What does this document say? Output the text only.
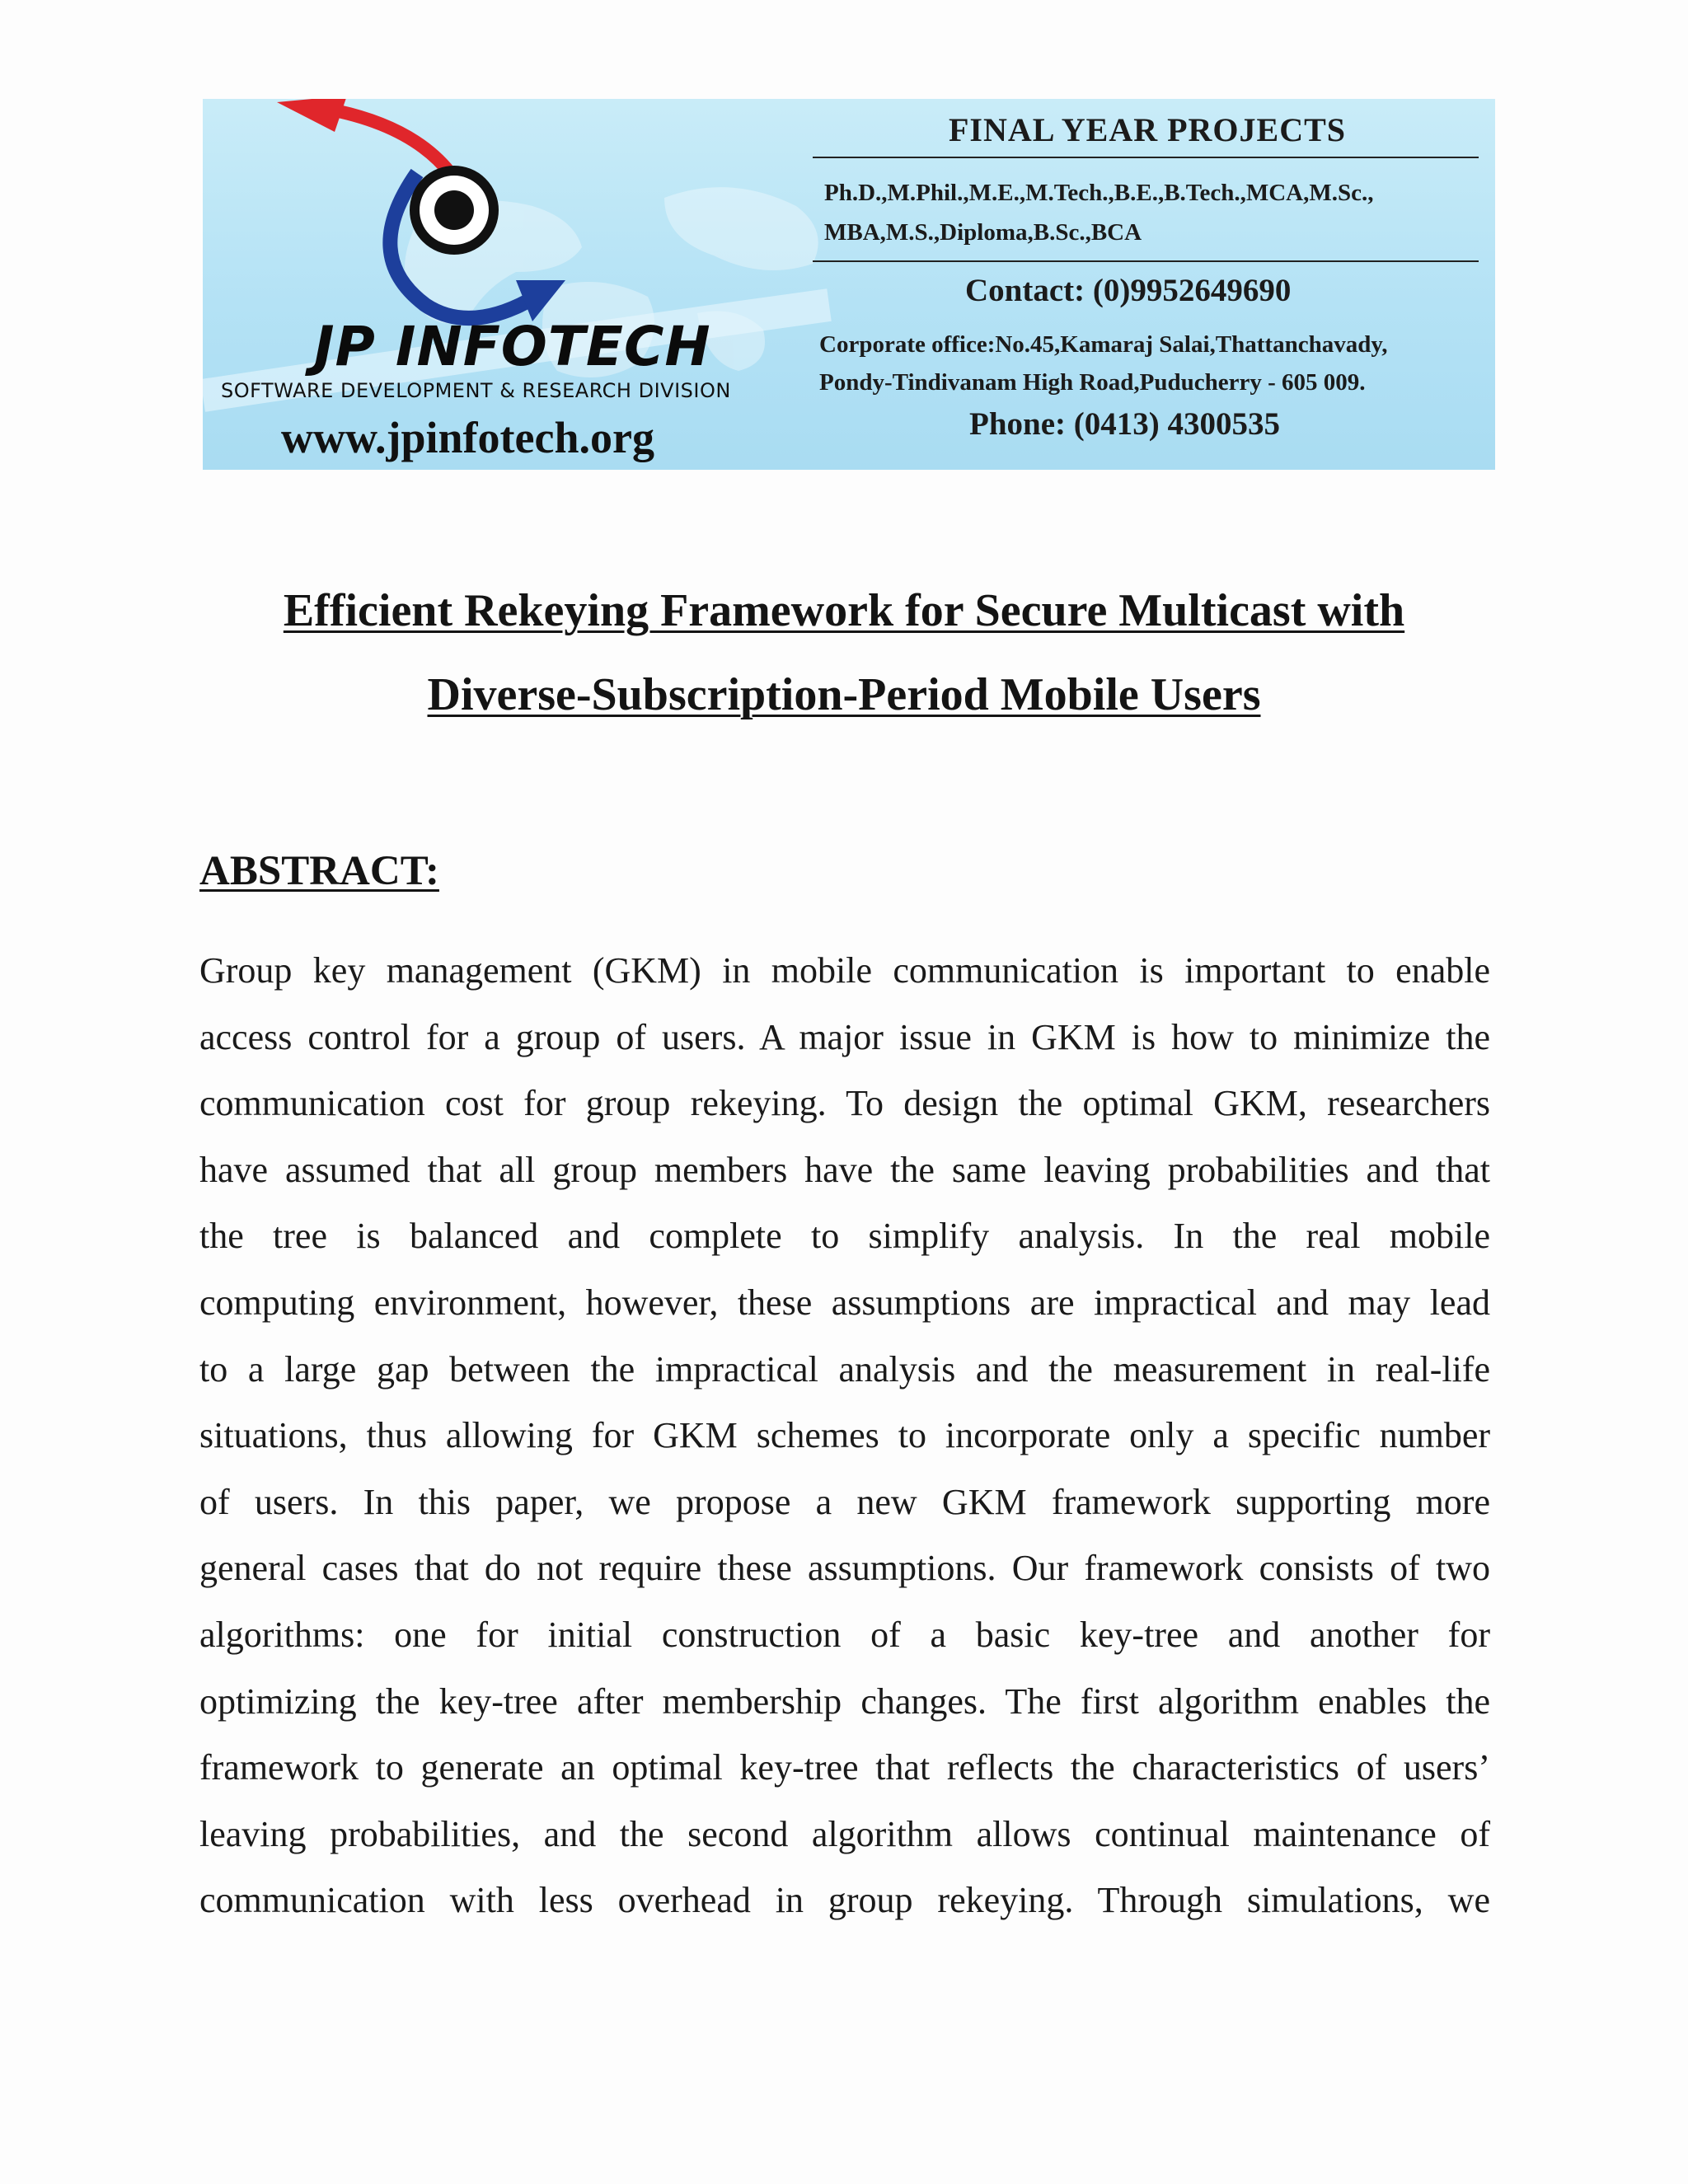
JP INFOTECH
SOFTWARE DEVELOPMENT & RESEARCH DIVISION
www.jpinfotech.org
FINAL YEAR PROJECTS
Ph.D.,M.Phil.,M.E.,M.Tech.,B.E.,B.Tech.,MCA,M.Sc.,
MBA,M.S.,Diploma,B.Sc.,BCA
Contact: (0)9952649690
Corporate office:No.45,Kamaraj Salai,Thattanchavady,
Pondy-Tindivanam High Road,Puducherry - 605 009.
Phone: (0413) 4300535
Efficient Rekeying Framework for Secure Multicast with
Diverse-Subscription-Period Mobile Users
ABSTRACT:
Group key management (GKM) in mobile communication is important to enable
access control for a group of users. A major issue in GKM is how to minimize the
communication cost for group rekeying. To design the optimal GKM, researchers
have assumed that all group members have the same leaving probabilities and that
the tree is balanced and complete to simplify analysis. In the real mobile
computing environment, however, these assumptions are impractical and may lead
to a large gap between the impractical analysis and the measurement in real-life
situations, thus allowing for GKM schemes to incorporate only a specific number
of users. In this paper, we propose a new GKM framework supporting more
general cases that do not require these assumptions. Our framework consists of two
algorithms: one for initial construction of a basic key-tree and another for
optimizing the key-tree after membership changes. The first algorithm enables the
framework to generate an optimal key-tree that reflects the characteristics of users’
leaving probabilities, and the second algorithm allows continual maintenance of
communication with less overhead in group rekeying. Through simulations, we
